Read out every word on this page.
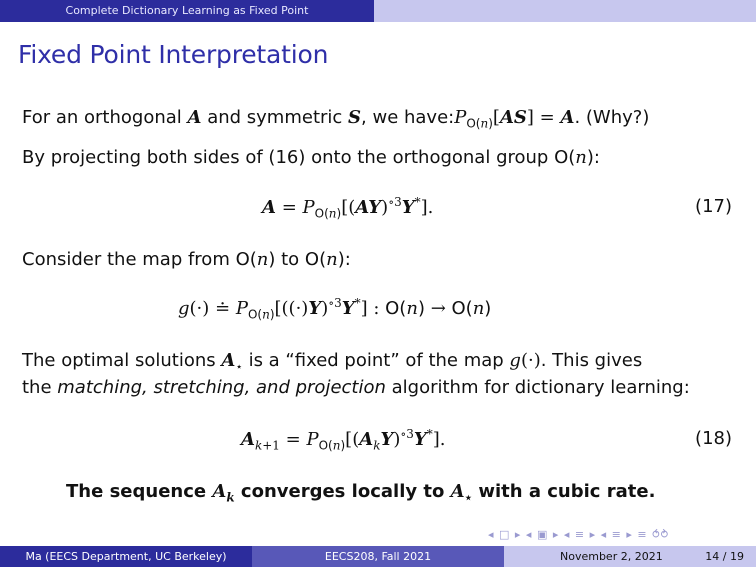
Complete Dictionary Learning as Fixed Point
Fixed Point Interpretation
For an orthogonal A and symmetric S, we $have:P_{O(n)}[AS] = A$. (Why?)
By projecting both sides of (16) onto the orthogonal group O(n):
$A = P_{O(n)}[(AY)^{\circ 3}Y^*]$.	(17)
Consider the map from O(n) to O(n):
g(·) ≐ $P_{O(n)}[((\cdot)Y)^{\circ 3}Y^*]$ : O(n) → O(n)
The optimal solutions $A_⋆$ is a “fixed point” of the map g(·). This gives
the matching, stretching, and projection algorithm for dictionary learning:
$A_{k+1} = P_{O(n)}[(A_kY)^{\circ 3}Y^*]$.	(18)
The sequence $A_k$ converges locally to $A_⋆$ with a cubic rate.
◂ □ ▸ ◂ ▣ ▸ ◂ ≡ ▸ ◂ ≡ ▸ ≡ ⥀⥁
Ma (EECS Department, UC Berkeley)	EECS208, Fall 2021	November 2, 2021	14 / 19
